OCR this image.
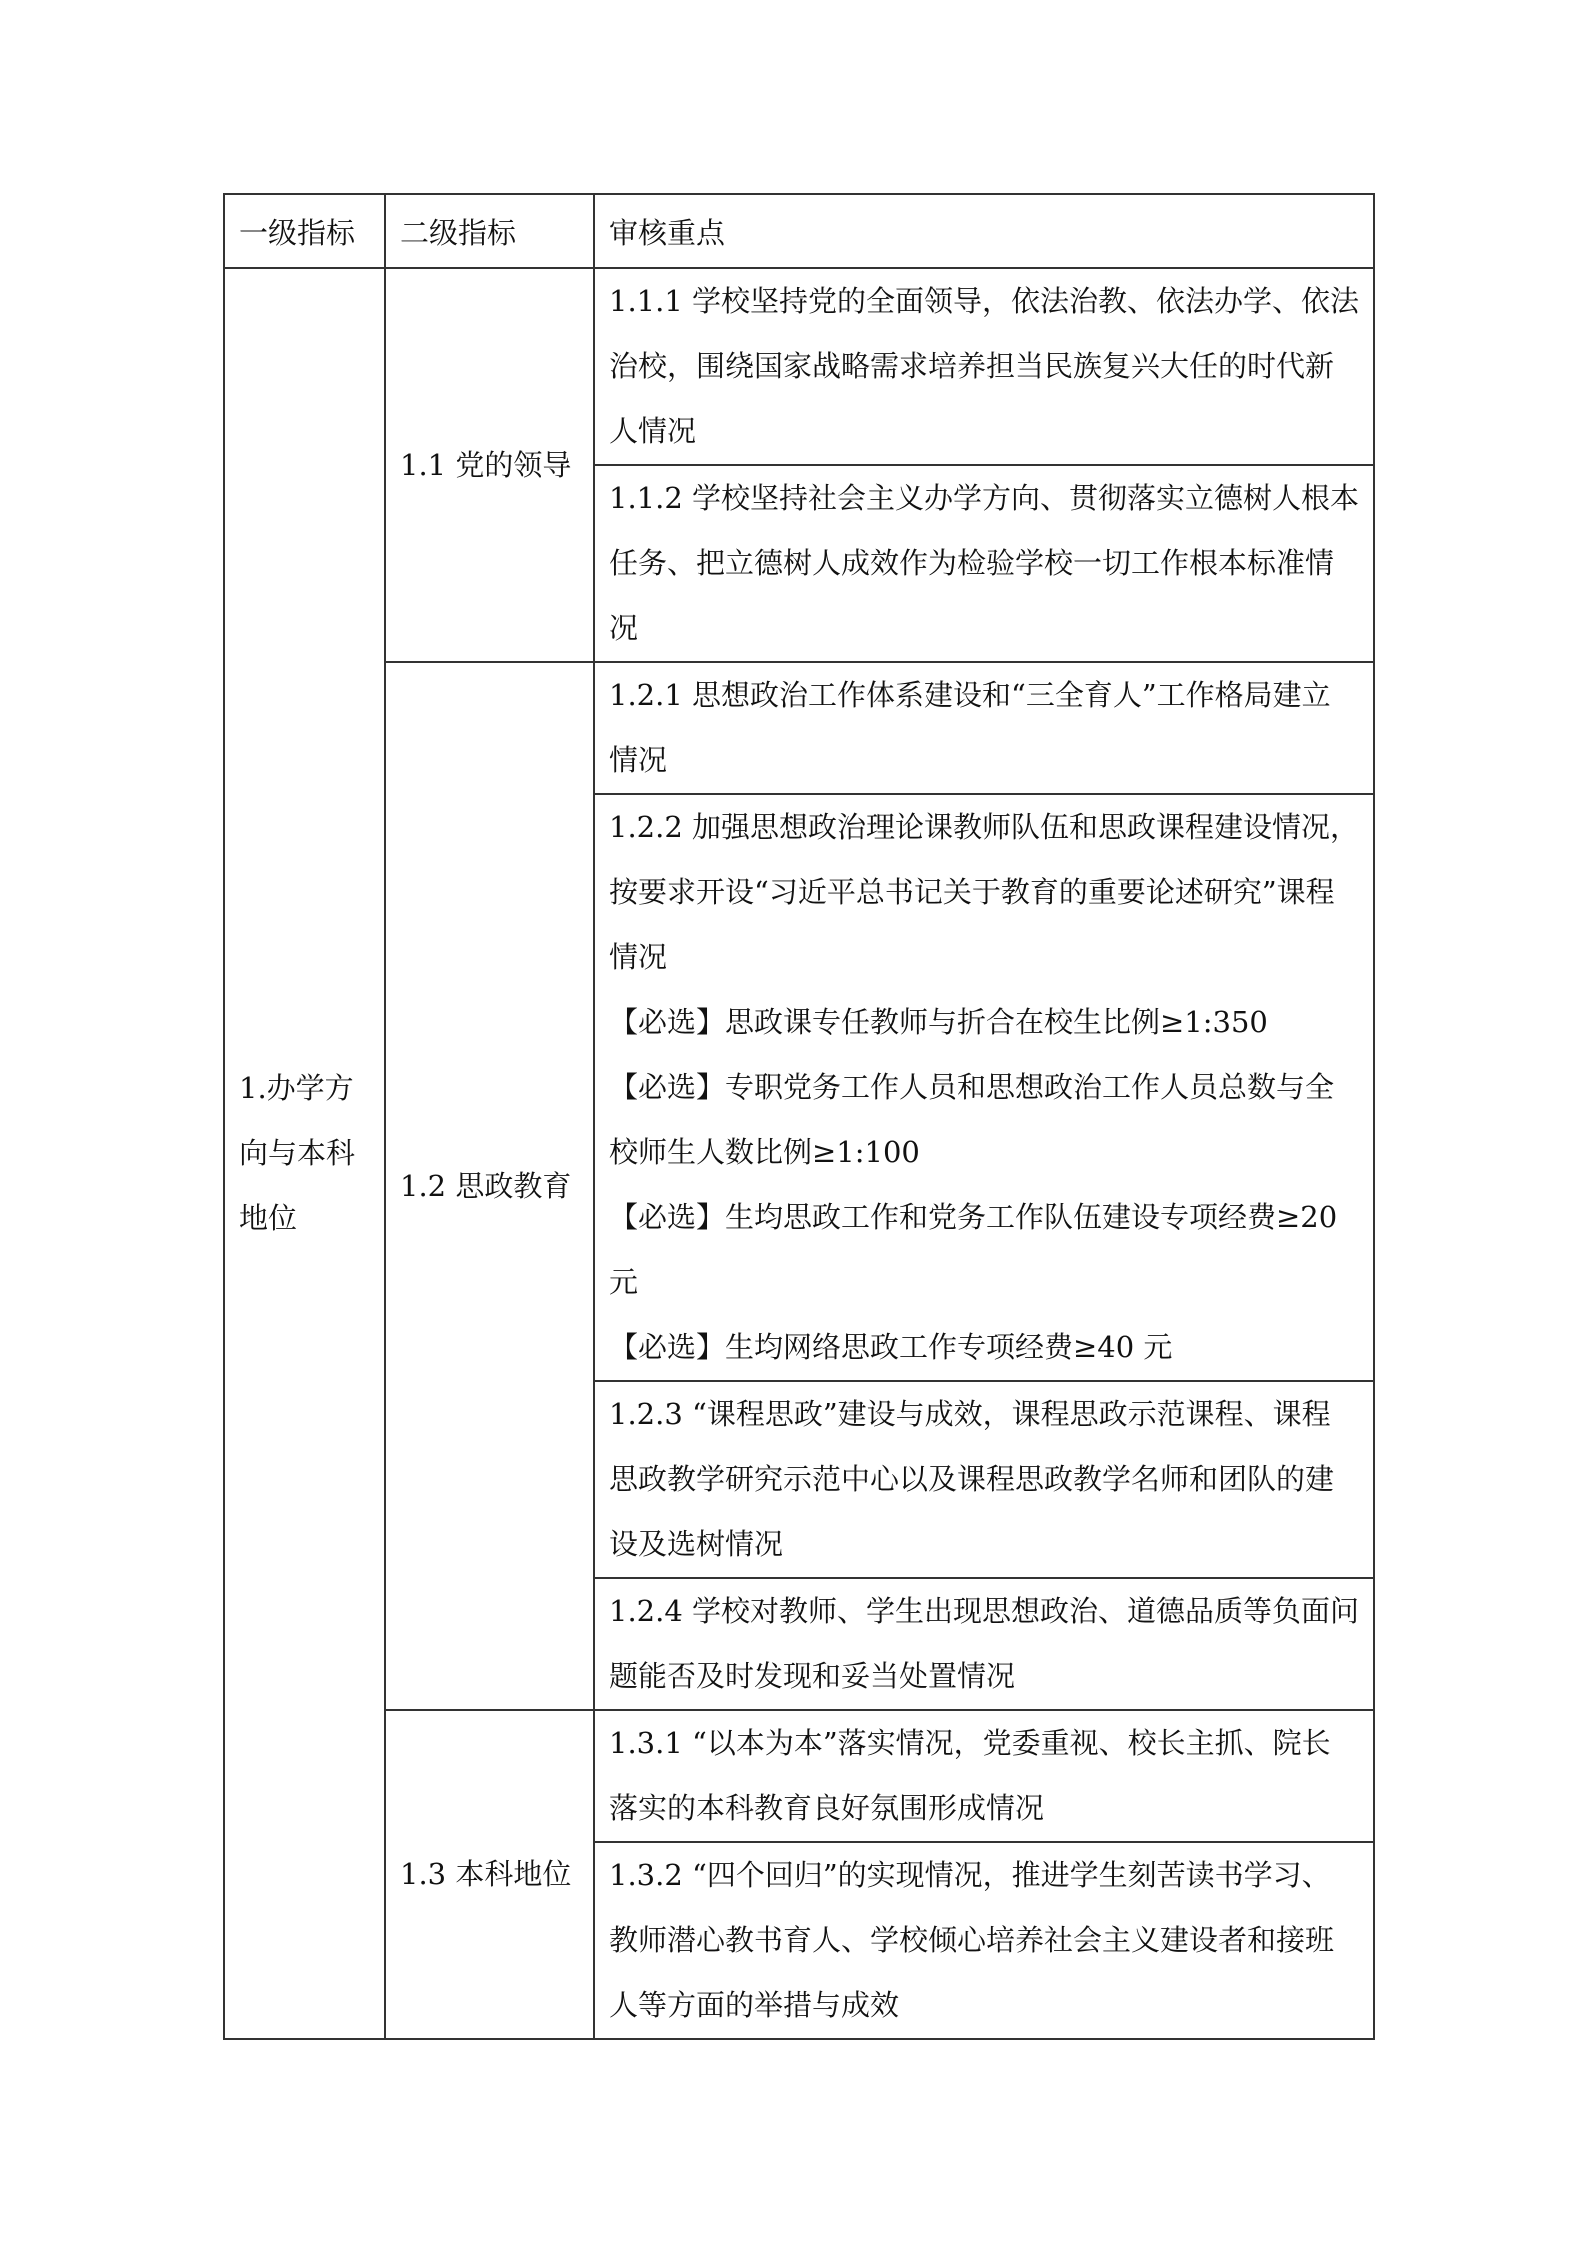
一级指标	二级指标	审核重点
1.办学方向与本科地位	1.1 党的领导	1.1.1 学校坚持党的全面领导，依法治教、依法办学、依法治校，围绕国家战略需求培养担当民族复兴大任的时代新人情况

		1.1.2 学校坚持社会主义办学方向、贯彻落实立德树人根本任务、把立德树人成效作为检验学校一切工作根本标准情况

	1.2 思政教育	1.2.1 思想政治工作体系建设和“三全育人”工作格局建立情况

		1.2.2 加强思想政治理论课教师队伍和思政课程建设情况，按要求开设“习近平总书记关于教育的重要论述研究”课程情况
【必选】思政课专任教师与折合在校生比例≥1:350
【必选】专职党务工作人员和思想政治工作人员总数与全校师生人数比例≥1:100
【必选】生均思政工作和党务工作队伍建设专项经费≥20 元
【必选】生均网络思政工作专项经费≥40 元

		1.2.3 “课程思政”建设与成效，课程思政示范课程、课程思政教学研究示范中心以及课程思政教学名师和团队的建设及选树情况

		1.2.4 学校对教师、学生出现思想政治、道德品质等负面问题能否及时发现和妥当处置情况

	1.3 本科地位	1.3.1 “以本为本”落实情况，党委重视、校长主抓、院长落实的本科教育良好氛围形成情况

		1.3.2 “四个回归”的实现情况，推进学生刻苦读书学习、教师潜心教书育人、学校倾心培养社会主义建设者和接班人等方面的举措与成效
